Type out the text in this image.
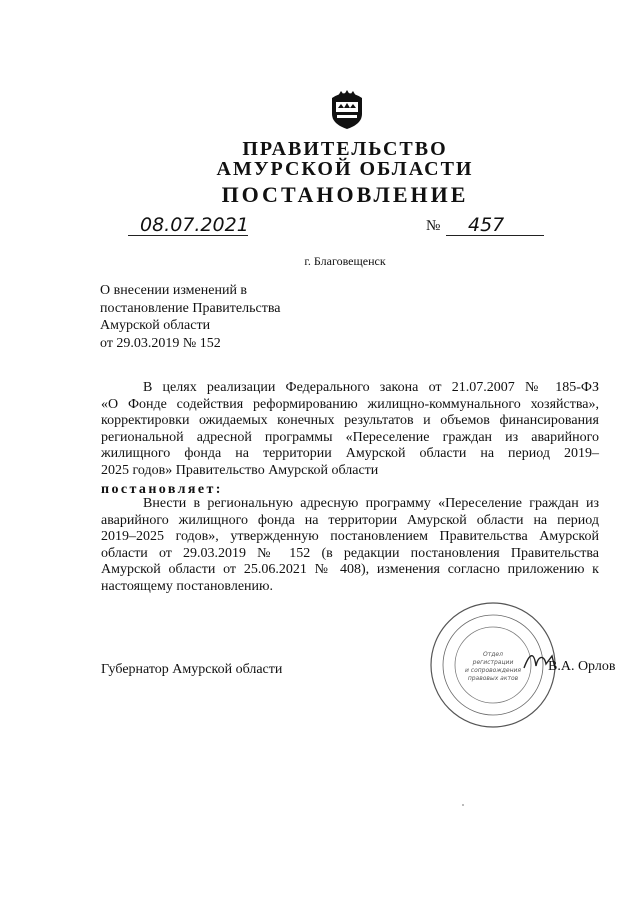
ПРАВИТЕЛЬСТВО
АМУРСКОЙ ОБЛАСТИ
ПОСТАНОВЛЕНИЕ
08.07.2021	№	457
г. Благовещенск
О внесении изменений в
постановление Правительства
Амурской области
от 29.03.2019 № 152
В целях реализации Федерального закона от 21.07.2007 № 185-ФЗ
«О Фонде содействия реформированию жилищно-коммунального хозяйства»,
корректировки ожидаемых конечных результатов и объемов финансирования
региональной адресной программы «Переселение граждан из аварийного
жилищного фонда на территории Амурской области на период 2019–
2025 годов» Правительство Амурской области
постановляет:
Внести в региональную адресную программу «Переселение граждан из
аварийного жилищного фонда на территории Амурской области на период
2019–2025 годов», утвержденную постановлением Правительства Амурской
области от 29.03.2019 № 152 (в редакции постановления Правительства
Амурской области от 25.06.2021 № 408), изменения согласно приложению к
настоящему постановлению.
Отдел
регистрации
и сопровождения
правовых актов
Губернатор Амурской области	В.А. Орлов
